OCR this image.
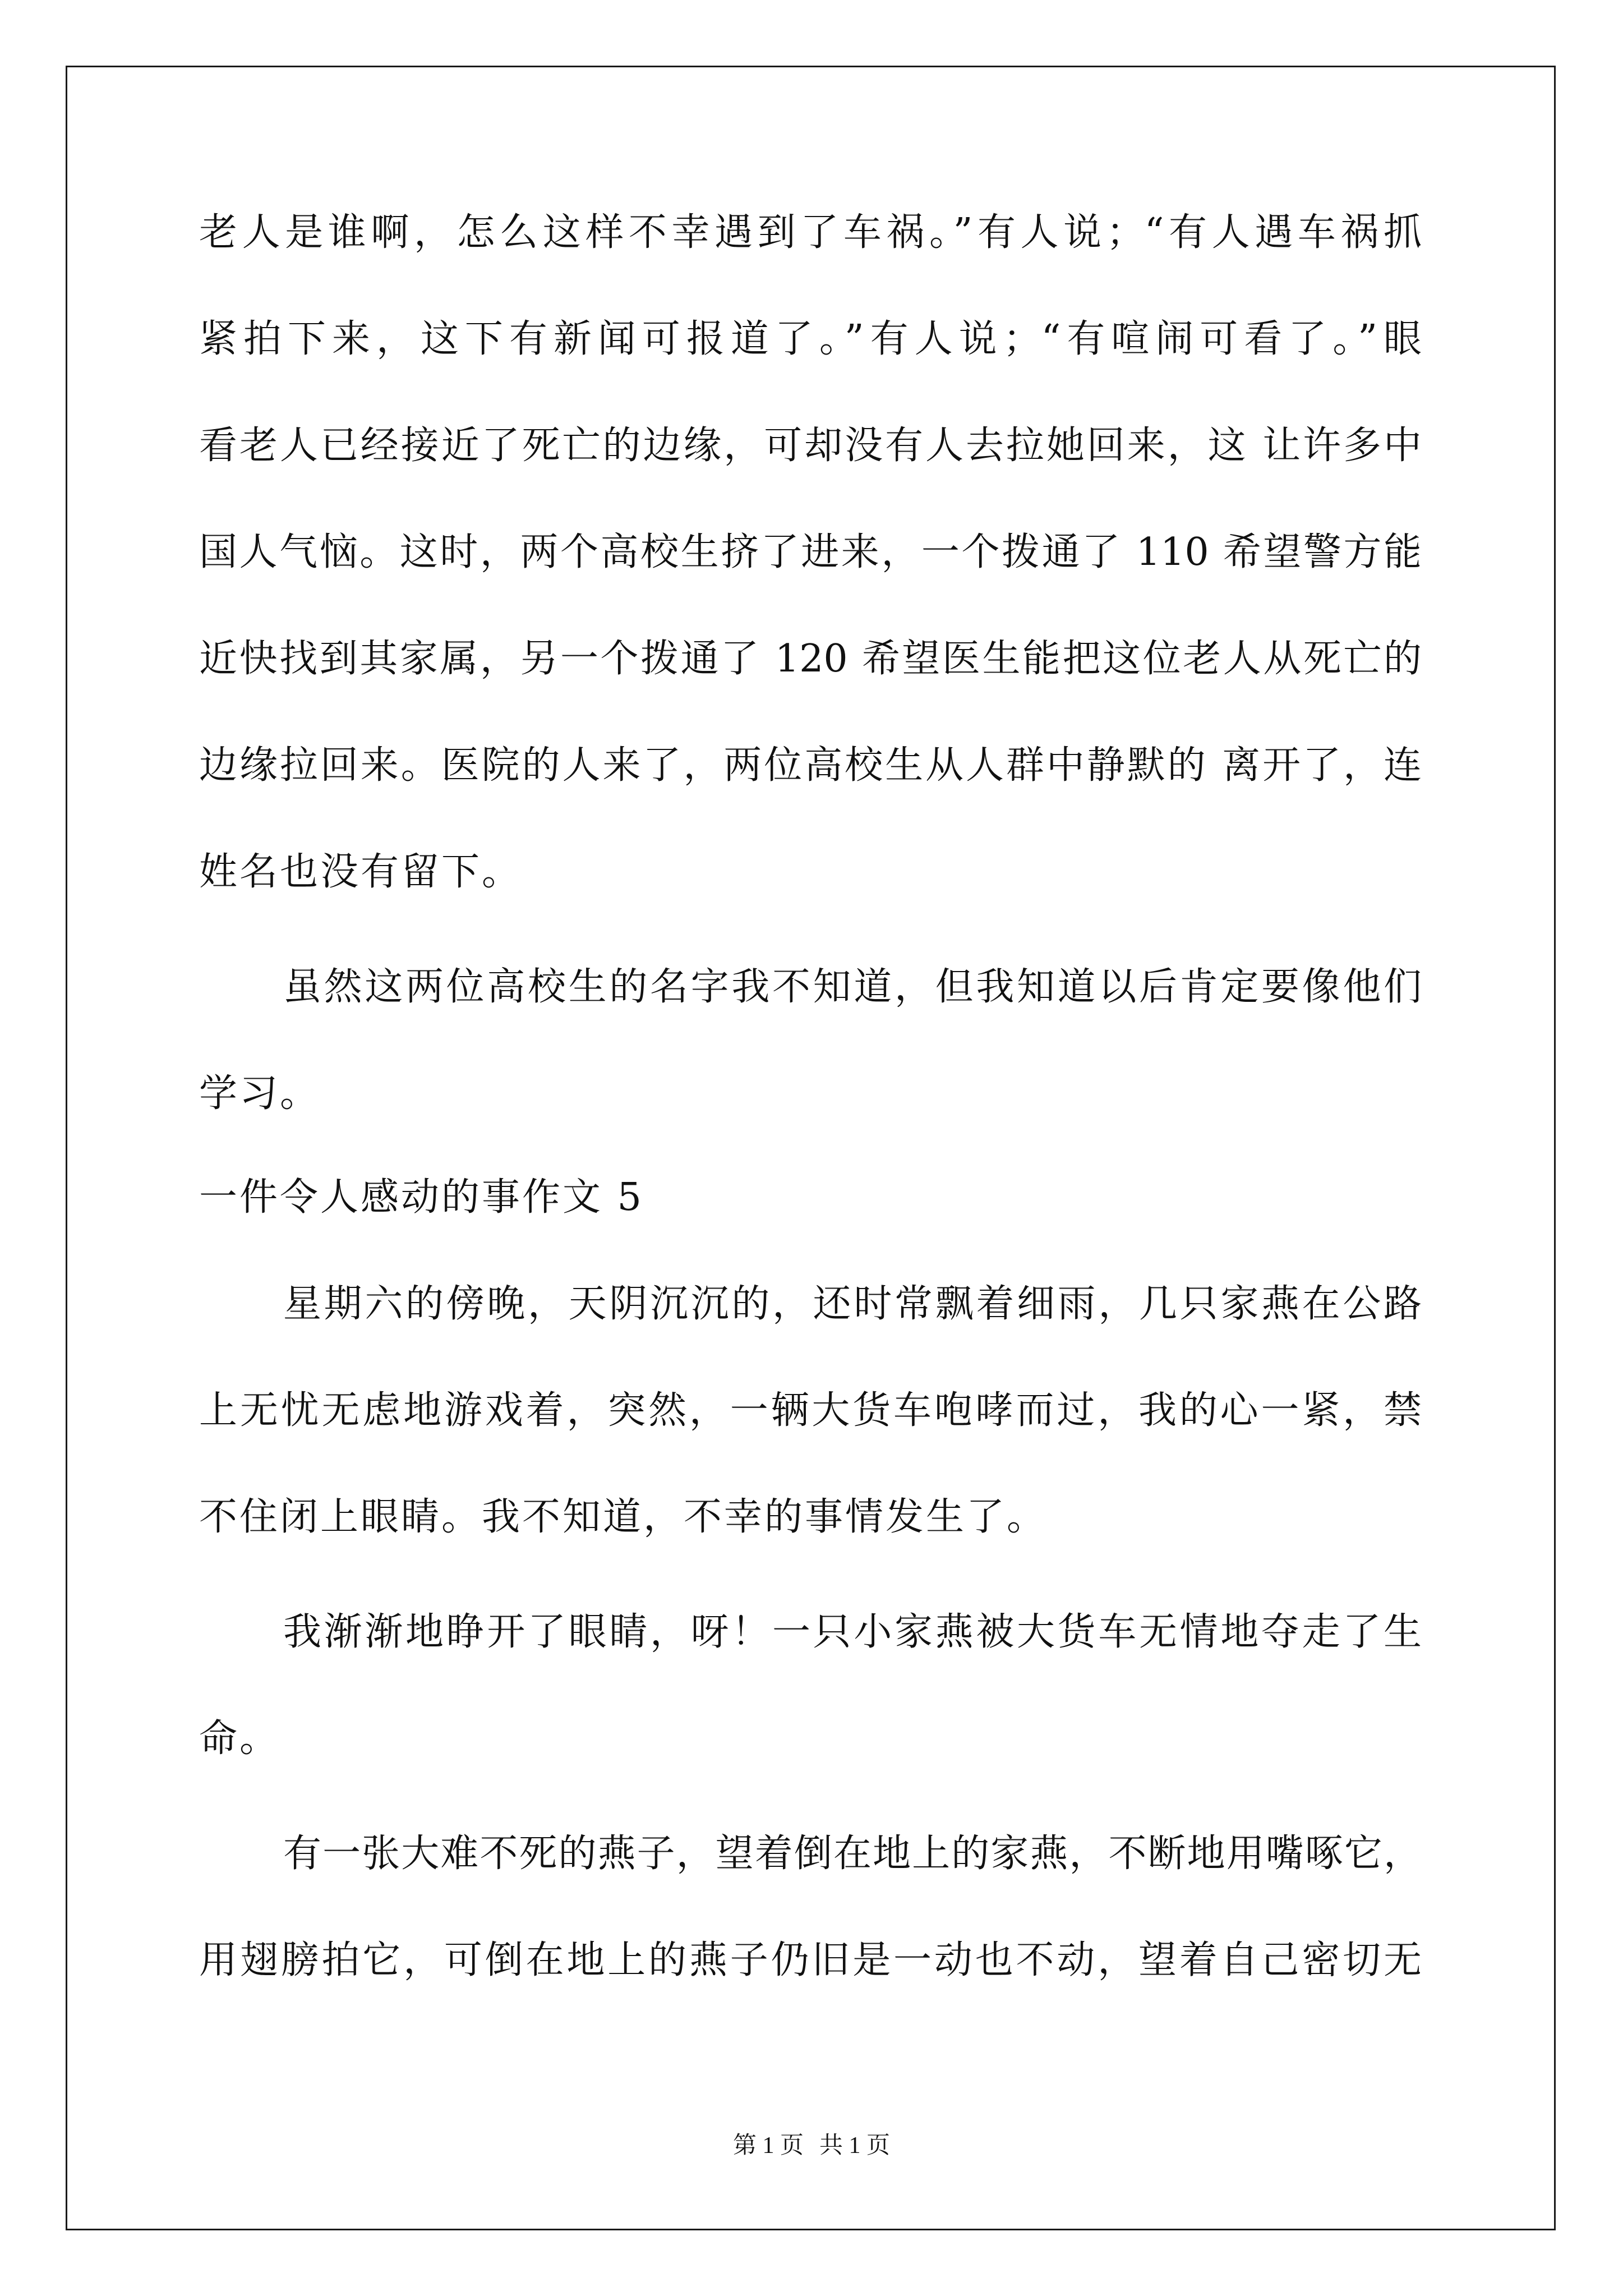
老人是谁啊，怎么这样不幸遇到了车祸。”有人说；“有人遇车祸抓
紧拍下来，这下有新闻可报道了。”有人说；“有喧闹可看了。”眼
看老人已经接近了死亡的边缘，可却没有人去拉她回来，这 让许多中
国人气恼。这时，两个高校生挤了进来，一个拨通了 110 希望警方能
近快找到其家属，另一个拨通了 120 希望医生能把这位老人从死亡的
边缘拉回来。医院的人来了，两位高校生从人群中静默的 离开了，连
姓名也没有留下。
虽然这两位高校生的名字我不知道，但我知道以后肯定要像他们
学习。
一件令人感动的事作文 5
星期六的傍晚，天阴沉沉的，还时常飘着细雨，几只家燕在公路
上无忧无虑地游戏着，突然，一辆大货车咆哮而过，我的心一紧，禁
不住闭上眼睛。我不知道，不幸的事情发生了。
我渐渐地睁开了眼睛，呀！一只小家燕被大货车无情地夺走了生
命。
有一张大难不死的燕子，望着倒在地上的家燕，不断地用嘴啄它，
用翅膀拍它，可倒在地上的燕子仍旧是一动也不动，望着自己密切无
第 1 页 共 1 页
